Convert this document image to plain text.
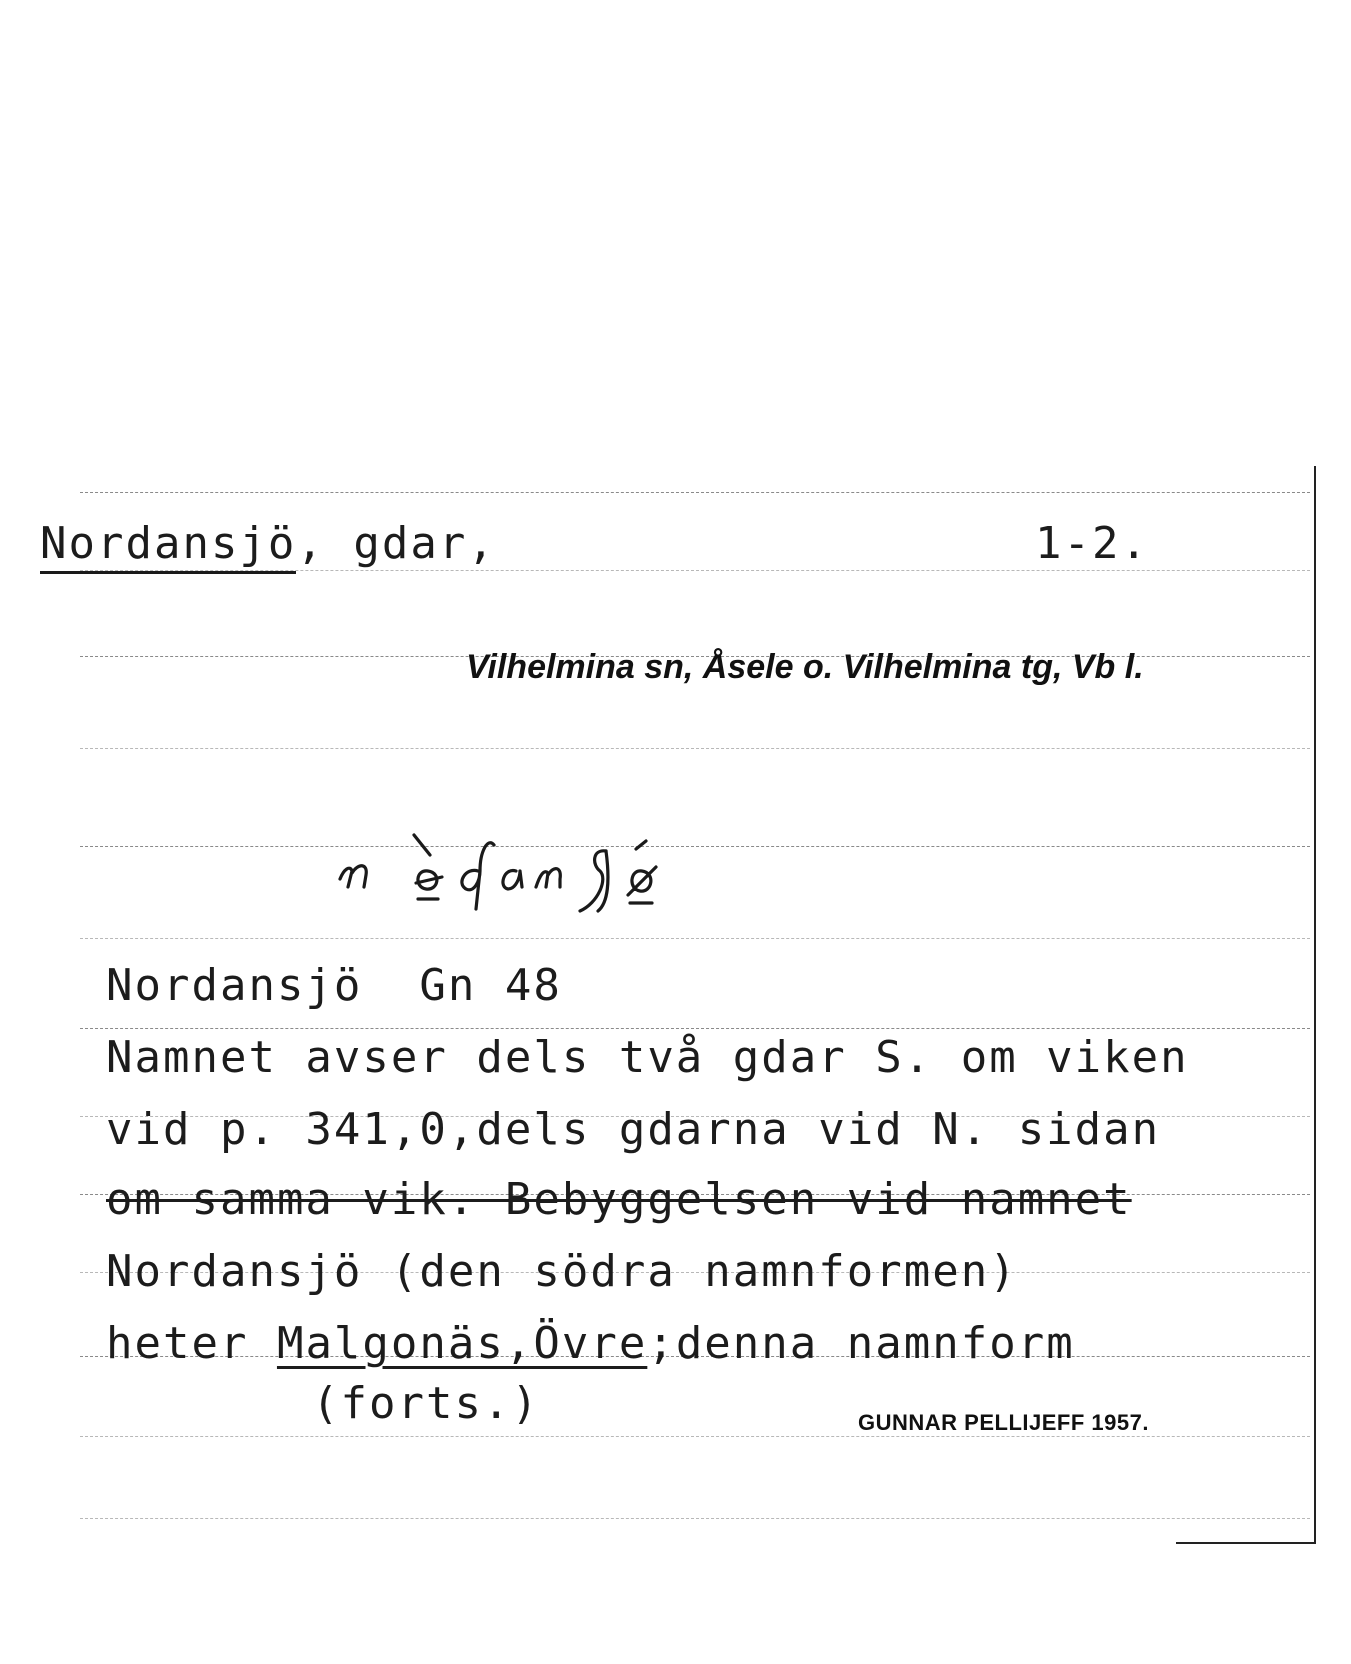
Nordansjö, gdar,	1-2.
Vilhelmina sn, Åsele o. Vilhelmina tg, Vb l.
Nordansjö  Gn 48
Namnet avser dels två gdar S. om viken
vid p. 341,0,dels gdarna vid N. sidan
om samma vik. Bebyggelsen vid namnet
Nordansjö (den södra namnformen)
heter Malgonäs,Övre;denna namnform
(forts.)	GUNNAR PELLIJEFF 1957.
